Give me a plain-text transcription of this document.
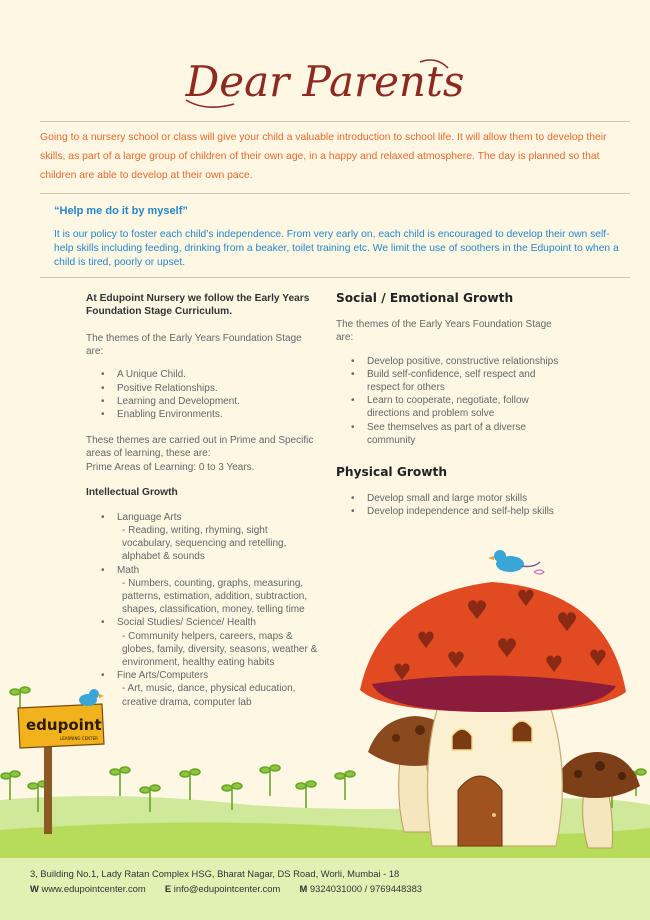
edupoint
LEARNING CENTER
Dear Parents

Going to a nursery school or class will give your child a valuable introduction to school life. It will allow them to develop their skills, as part of a large group of children of their own age, in a happy and relaxed atmosphere. The day is planned so that children are able to develop at their own pace.

“Help me do it by myself”

It is our policy to foster each child’s independence. From very early on, each child is encouraged to develop their own self-help skills including feeding, drinking from a beaker, toilet training etc. We limit the use of soothers in the Edupoint to when a child is tired, poorly or upset.

At Edupoint Nursery we follow the Early Years Foundation Stage Curriculum.

The themes of the Early Years Foundation Stage are:

• A Unique Child.
• Positive Relationships.
• Learning and Development.
• Enabling Environments.

These themes are carried out in Prime and Specific areas of learning, these are:

Prime Areas of Learning: 0 to 3 Years.

Intellectual Growth
• Language Arts
- Reading, writing, rhyming, sight vocabulary, sequencing and retelling, alphabet & sounds
• Math
- Numbers, counting, graphs, measuring, patterns, estimation, addition, subtraction, shapes, classification, money, telling time
• Social Studies/ Science/ Health
- Community helpers, careers, maps & globes, family, diversity, seasons, weather & environment, healthy eating habits
• Fine Arts/Computers
- Art, music, dance, physical education, creative drama, computer lab
Social / Emotional Growth

The themes of the Early Years Foundation Stage are:

• Develop positive, constructive relationships
• Build self-confidence, self respect and respect for others
• Learn to cooperate, negotiate, follow directions and problem solve
• See themselves as part of a diverse community
Physical Growth
• Develop small and large motor skills
• Develop independence and self-help skills
3, Building No.1, Lady Ratan Complex HSG, Bharat Nagar, DS Road, Worli, Mumbai - 18
W www.edupointcenter.com E info@edupointcenter.com M 9324031000 / 9769448383
